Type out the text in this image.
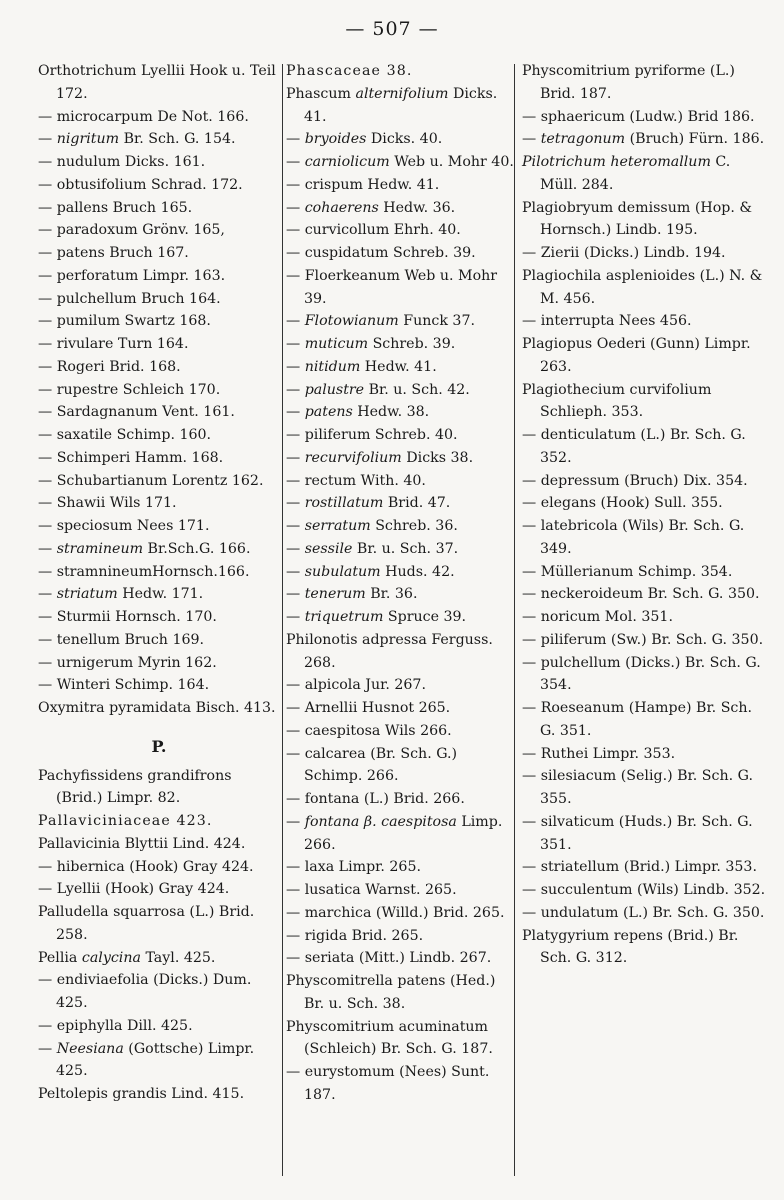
— 507 —
Orthotrichum Lyellii Hook u. Teil 172.
— microcarpum De Not. 166.
— nigritum Br. Sch. G. 154.
— nudulum Dicks. 161.
— obtusifolium Schrad. 172.
— pallens Bruch 165.
— paradoxum Grönv. 165,
— patens Bruch 167.
— perforatum Limpr. 163.
— pulchellum Bruch 164.
— pumilum Swartz 168.
— rivulare Turn 164.
— Rogeri Brid. 168.
— rupestre Schleich 170.
— Sardagnanum Vent. 161.
— saxatile Schimp. 160.
— Schimperi Hamm. 168.
— Schubartianum Lorentz 162.
— Shawii Wils 171.
— speciosum Nees 171.
— stramineum Br.Sch.G. 166.
— stramnineumHornsch.166.
— striatum Hedw. 171.
— Sturmii Hornsch. 170.
— tenellum Bruch 169.
— urnigerum Myrin 162.
— Winteri Schimp. 164.
Oxymitra pyramidata Bisch. 413.
P.
Pachyfissidens grandifrons (Brid.) Limpr. 82.
Pallaviciniaceae 423.
Pallavicinia Blyttii Lind. 424.
— hibernica (Hook) Gray 424.
— Lyellii (Hook) Gray 424.
Palludella squarrosa (L.) Brid. 258.
Pellia calycina Tayl. 425.
— endiviaefolia (Dicks.) Dum. 425.
— epiphylla Dill. 425.
— Neesiana (Gottsche) Limpr. 425.
Peltolepis grandis Lind. 415.
Phascaceae 38.
Phascum alternifolium Dicks. 41.
— bryoides Dicks. 40.
— carniolicum Web u. Mohr 40.
— crispum Hedw. 41.
— cohaerens Hedw. 36.
— curvicollum Ehrh. 40.
— cuspidatum Schreb. 39.
— Floerkeanum Web u. Mohr 39.
— Flotowianum Funck 37.
— muticum Schreb. 39.
— nitidum Hedw. 41.
— palustre Br. u. Sch. 42.
— patens Hedw. 38.
— piliferum Schreb. 40.
— recurvifolium Dicks 38.
— rectum With. 40.
— rostillatum Brid. 47.
— serratum Schreb. 36.
— sessile Br. u. Sch. 37.
— subulatum Huds. 42.
— tenerum Br. 36.
— triquetrum Spruce 39.
Philonotis adpressa Ferguss. 268.
— alpicola Jur. 267.
— Arnellii Husnot 265.
— caespitosa Wils 266.
— calcarea (Br. Sch. G.) Schimp. 266.
— fontana (L.) Brid. 266.
— fontana β. caespitosa Limp. 266.
— laxa Limpr. 265.
— lusatica Warnst. 265.
— marchica (Willd.) Brid. 265.
— rigida Brid. 265.
— seriata (Mitt.) Lindb. 267.
Physcomitrella patens (Hed.) Br. u. Sch. 38.
Physcomitrium acuminatum (Schleich) Br. Sch. G. 187.
— eurystomum (Nees) Sunt. 187.
Physcomitrium pyriforme (L.) Brid. 187.
— sphaericum (Ludw.) Brid 186.
— tetragonum (Bruch) Fürn. 186.
Pilotrichum heteromallum C. Müll. 284.
Plagiobryum demissum (Hop. & Hornsch.) Lindb. 195.
— Zierii (Dicks.) Lindb. 194.
Plagiochila asplenioides (L.) N. & M. 456.
— interrupta Nees 456.
Plagiopus Oederi (Gunn) Limpr. 263.
Plagiothecium curvifolium Schlieph. 353.
— denticulatum (L.) Br. Sch. G. 352.
— depressum (Bruch) Dix. 354.
— elegans (Hook) Sull. 355.
— latebricola (Wils) Br. Sch. G. 349.
— Müllerianum Schimp. 354.
— neckeroideum Br. Sch. G. 350.
— noricum Mol. 351.
— piliferum (Sw.) Br. Sch. G. 350.
— pulchellum (Dicks.) Br. Sch. G. 354.
— Roeseanum (Hampe) Br. Sch. G. 351.
— Ruthei Limpr. 353.
— silesiacum (Selig.) Br. Sch. G. 355.
— silvaticum (Huds.) Br. Sch. G. 351.
— striatellum (Brid.) Limpr. 353.
— succulentum (Wils) Lindb. 352.
— undulatum (L.) Br. Sch. G. 350.
Platygyrium repens (Brid.) Br. Sch. G. 312.
